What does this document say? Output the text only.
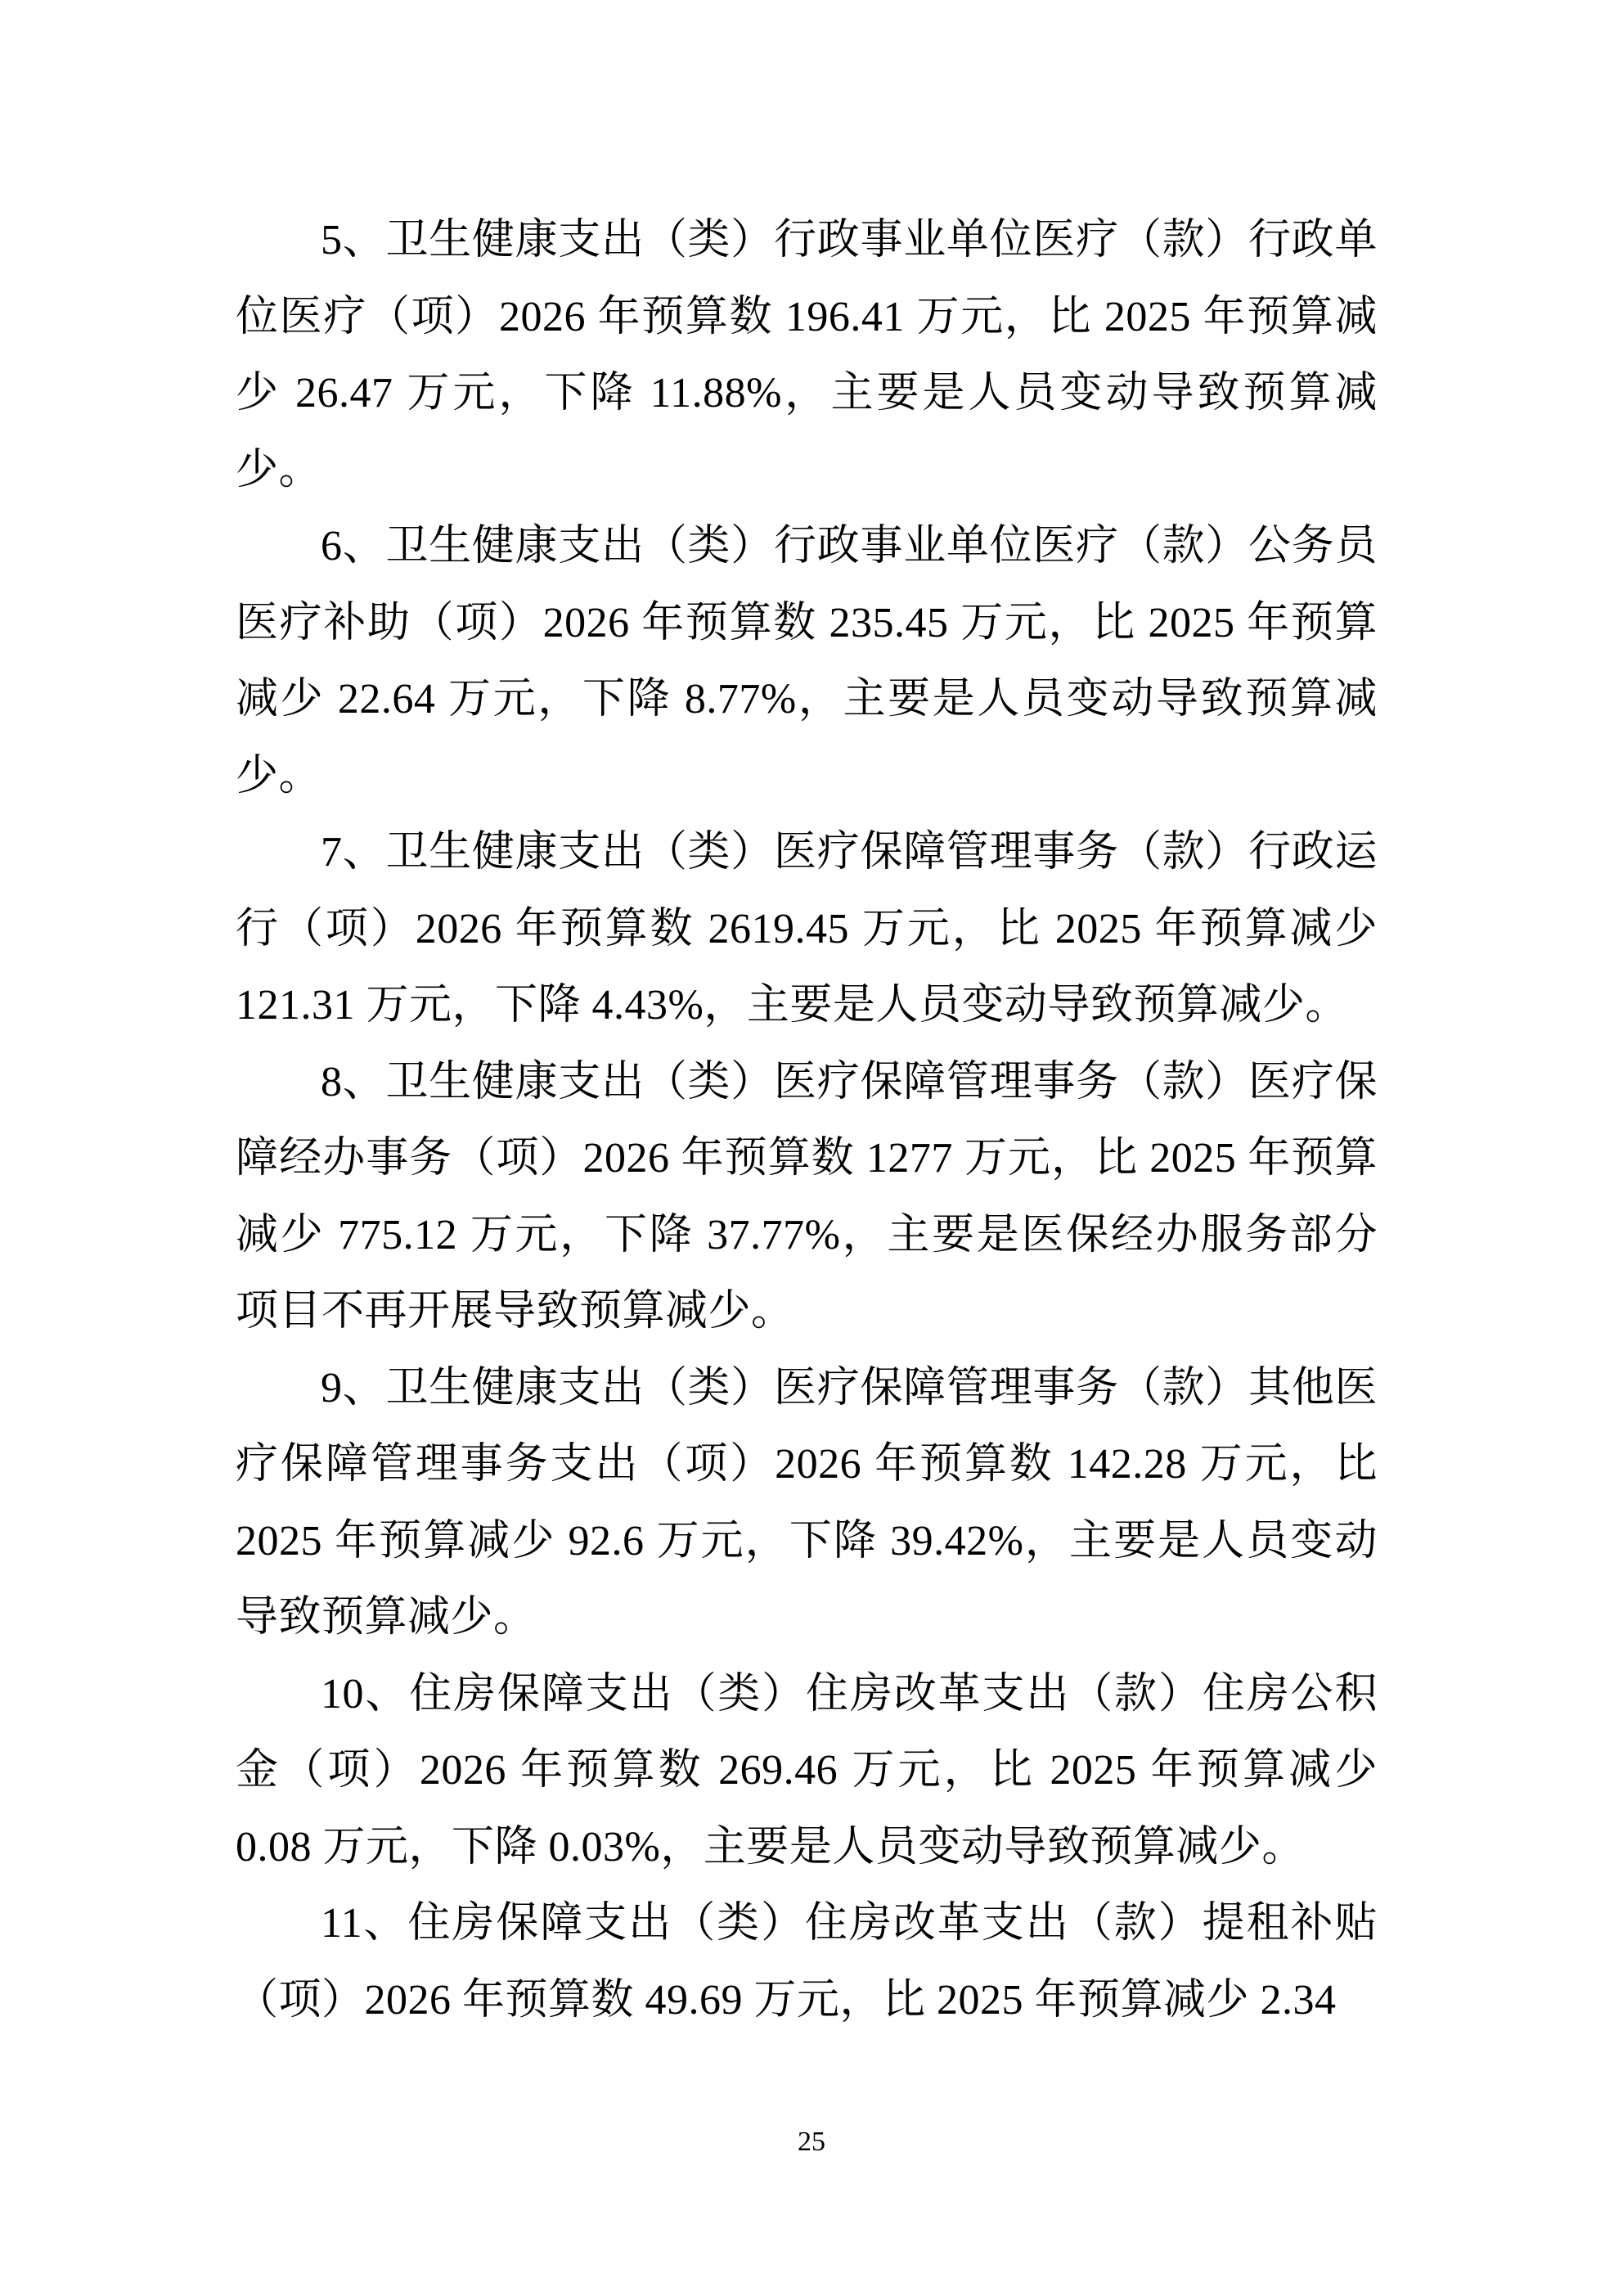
5、卫生健康支出（类）行政事业单位医疗（款）行政单位医疗（项）2026 年预算数 196.41 万元，比 2025 年预算减少 26.47 万元，下降 11.88%，主要是人员变动导致预算减少。

6、卫生健康支出（类）行政事业单位医疗（款）公务员医疗补助（项）2026 年预算数 235.45 万元，比 2025 年预算减少 22.64 万元，下降 8.77%，主要是人员变动导致预算减少。

7、卫生健康支出（类）医疗保障管理事务（款）行政运行（项）2026 年预算数 2619.45 万元，比 2025 年预算减少 121.31 万元，下降 4.43%，主要是人员变动导致预算减少。

8、卫生健康支出（类）医疗保障管理事务（款）医疗保障经办事务（项）2026 年预算数 1277 万元，比 2025 年预算减少 775.12 万元，下降 37.77%，主要是医保经办服务部分项目不再开展导致预算减少。

9、卫生健康支出（类）医疗保障管理事务（款）其他医疗保障管理事务支出（项）2026 年预算数 142.28 万元，比 2025 年预算减少 92.6 万元，下降 39.42%，主要是人员变动导致预算减少。

10、住房保障支出（类）住房改革支出（款）住房公积金（项）2026 年预算数 269.46 万元，比 2025 年预算减少 0.08 万元，下降 0.03%，主要是人员变动导致预算减少。

11、住房保障支出（类）住房改革支出（款）提租补贴（项）2026 年预算数 49.69 万元，比 2025 年预算减少 2.34

25
